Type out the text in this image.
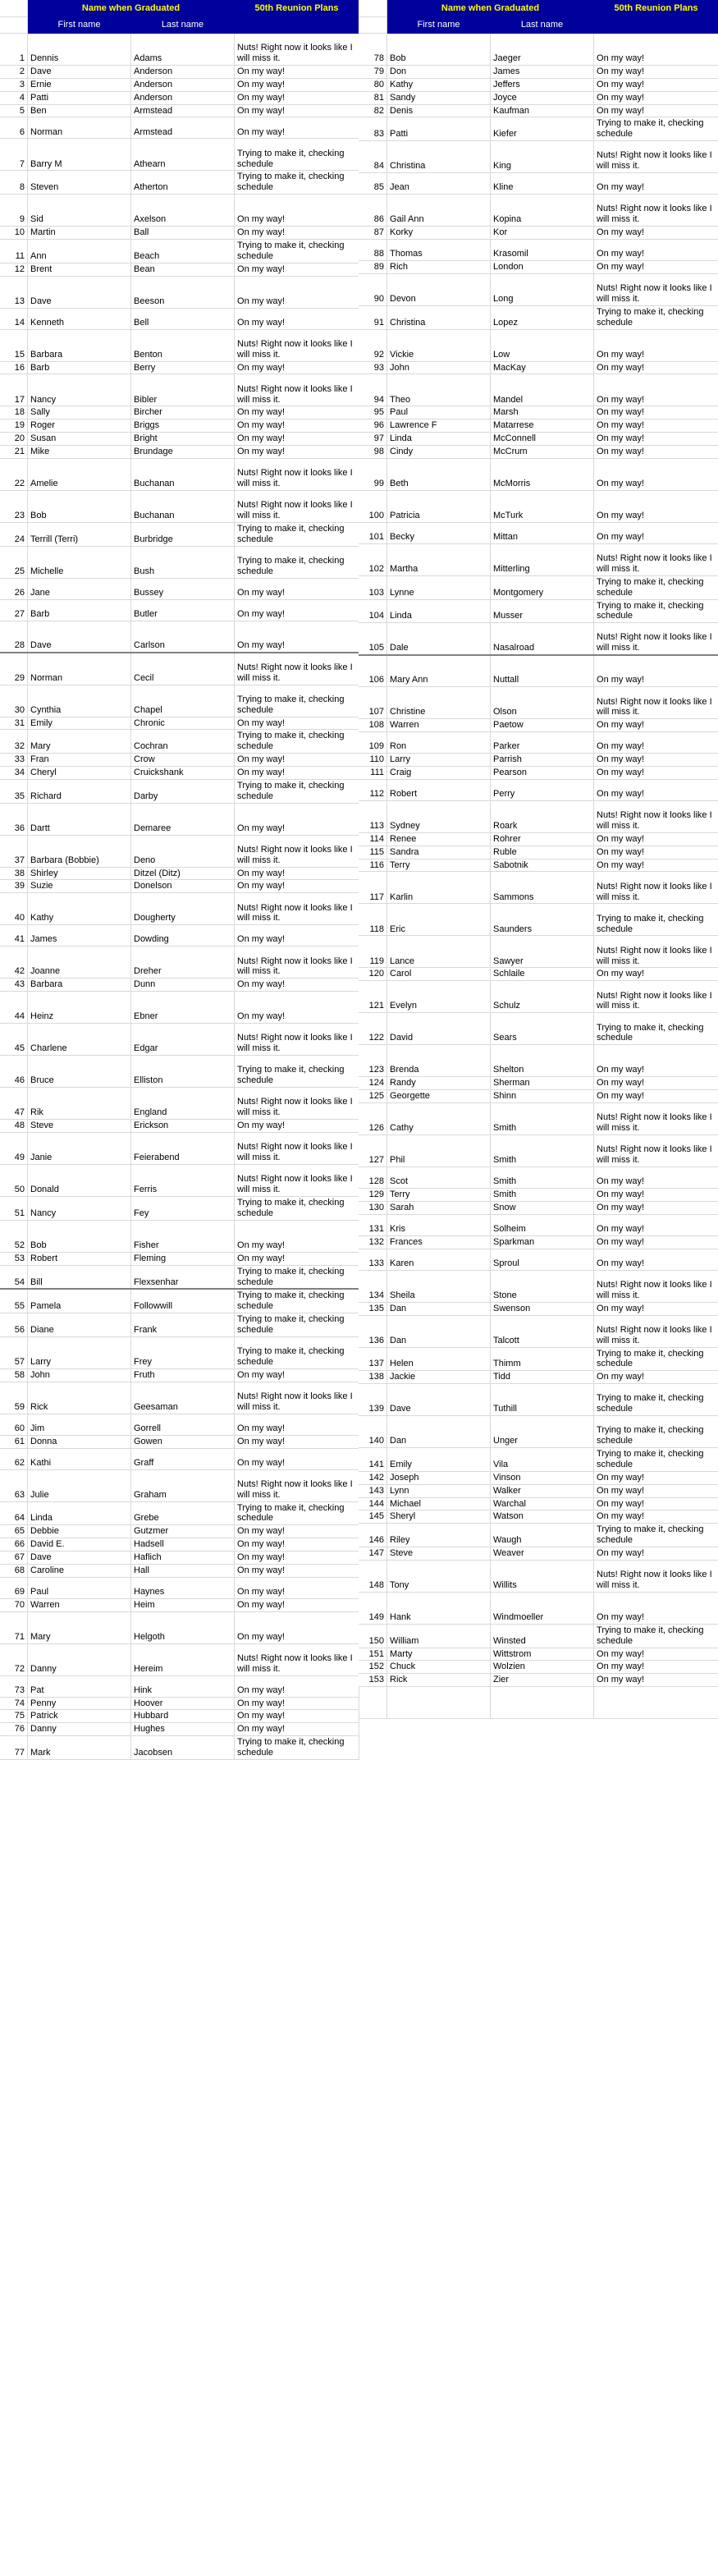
	Name when Graduated		50th Reunion Plans
	First name	Last name	
1	Dennis	Adams	Nuts! Right now it looks like I will miss it.
2	Dave	Anderson	On my way!
3	Ernie	Anderson	On my way!
4	Patti	Anderson	On my way!
5	Ben	Armstead	On my way!
6	Norman	Armstead	On my way!
7	Barry M	Athearn	Trying to make it, checking schedule
8	Steven	Atherton	Trying to make it, checking schedule
9	Sid	Axelson	On my way!
10	Martin	Ball	On my way!
11	Ann	Beach	Trying to make it, checking schedule
12	Brent	Bean	On my way!
13	Dave	Beeson	On my way!
14	Kenneth	Bell	On my way!
15	Barbara	Benton	Nuts! Right now it looks like I will miss it.
16	Barb	Berry	On my way!
17	Nancy	Bibler	Nuts! Right now it looks like I will miss it.
18	Sally	Bircher	On my way!
19	Roger	Briggs	On my way!
20	Susan	Bright	On my way!
21	Mike	Brundage	On my way!
22	Amelie	Buchanan	Nuts! Right now it looks like I will miss it.
23	Bob	Buchanan	Nuts! Right now it looks like I will miss it.
24	Terrill (Terri)	Burbridge	Trying to make it, checking schedule
25	Michelle	Bush	Trying to make it, checking schedule
26	Jane	Bussey	On my way!
27	Barb	Butler	On my way!
28	Dave	Carlson	On my way!
29	Norman	Cecil	Nuts! Right now it looks like I will miss it.
30	Cynthia	Chapel	Trying to make it, checking schedule
31	Emily	Chronic	On my way!
32	Mary	Cochran	Trying to make it, checking schedule
33	Fran	Crow	On my way!
34	Cheryl	Cruickshank	On my way!
35	Richard	Darby	Trying to make it, checking schedule
36	Dartt	Demaree	On my way!
37	Barbara (Bobbie)	Deno	Nuts! Right now it looks like I will miss it.
38	Shirley	Ditzel (Ditz)	On my way!
39	Suzie	Donelson	On my way!
40	Kathy	Dougherty	Nuts! Right now it looks like I will miss it.
41	James	Dowding	On my way!
42	Joanne	Dreher	Nuts! Right now it looks like I will miss it.
43	Barbara	Dunn	On my way!
44	Heinz	Ebner	On my way!
45	Charlene	Edgar	Nuts! Right now it looks like I will miss it.
46	Bruce	Elliston	Trying to make it, checking schedule
47	Rik	England	Nuts! Right now it looks like I will miss it.
48	Steve	Erickson	On my way!
49	Janie	Feierabend	Nuts! Right now it looks like I will miss it.
50	Donald	Ferris	Nuts! Right now it looks like I will miss it.
51	Nancy	Fey	Trying to make it, checking schedule
52	Bob	Fisher	On my way!
53	Robert	Fleming	On my way!
54	Bill	Flexsenhar	Trying to make it, checking schedule
55	Pamela	Followwill	Trying to make it, checking schedule
56	Diane	Frank	Trying to make it, checking schedule
57	Larry	Frey	Trying to make it, checking schedule
58	John	Fruth	On my way!
59	Rick	Geesaman	Nuts! Right now it looks like I will miss it.
60	Jim	Gorrell	On my way!
61	Donna	Gowen	On my way!
62	Kathi	Graff	On my way!
63	Julie	Graham	Nuts! Right now it looks like I will miss it.
64	Linda	Grebe	Trying to make it, checking schedule
65	Debbie	Gutzmer	On my way!
66	David E.	Hadsell	On my way!
67	Dave	Haflich	On my way!
68	Caroline	Hall	On my way!
69	Paul	Haynes	On my way!
70	Warren	Heim	On my way!
71	Mary	Helgoth	On my way!
72	Danny	Hereim	Nuts! Right now it looks like I will miss it.
73	Pat	Hink	On my way!
74	Penny	Hoover	On my way!
75	Patrick	Hubbard	On my way!
76	Danny	Hughes	On my way!
77	Mark	Jacobsen	Trying to make it, checking schedule
	Name when Graduated		50th Reunion Plans
	First name	Last name	
78	Bob	Jaeger	On my way!
79	Don	James	On my way!
80	Kathy	Jeffers	On my way!
81	Sandy	Joyce	On my way!
82	Denis	Kaufman	On my way!
83	Patti	Kiefer	Trying to make it, checking schedule
84	Christina	King	Nuts! Right now it looks like I will miss it.
85	Jean	Kline	On my way!
86	Gail Ann	Kopina	Nuts! Right now it looks like I will miss it.
87	Korky	Kor	On my way!
88	Thomas	Krasomil	On my way!
89	Rich	London	On my way!
90	Devon	Long	Nuts! Right now it looks like I will miss it.
91	Christina	Lopez	Trying to make it, checking schedule
92	Vickie	Low	On my way!
93	John	MacKay	On my way!
94	Theo	Mandel	On my way!
95	Paul	Marsh	On my way!
96	Lawrence F	Matarrese	On my way!
97	Linda	McConnell	On my way!
98	Cindy	McCrum	On my way!
99	Beth	McMorris	On my way!
100	Patricia	McTurk	On my way!
101	Becky	Mittan	On my way!
102	Martha	Mitterling	Nuts! Right now it looks like I will miss it.
103	Lynne	Montgomery	Trying to make it, checking schedule
104	Linda	Musser	Trying to make it, checking schedule
105	Dale	Nasalroad	Nuts! Right now it looks like I will miss it.
106	Mary Ann	Nuttall	On my way!
107	Christine	Olson	Nuts! Right now it looks like I will miss it.
108	Warren	Paetow	On my way!
109	Ron	Parker	On my way!
110	Larry	Parrish	On my way!
111	Craig	Pearson	On my way!
112	Robert	Perry	On my way!
113	Sydney	Roark	Nuts! Right now it looks like I will miss it.
114	Renee	Rohrer	On my way!
115	Sandra	Ruble	On my way!
116	Terry	Sabotnik	On my way!
117	Karlin	Sammons	Nuts! Right now it looks like I will miss it.
118	Eric	Saunders	Trying to make it, checking schedule
119	Lance	Sawyer	Nuts! Right now it looks like I will miss it.
120	Carol	Schlaile	On my way!
121	Evelyn	Schulz	Nuts! Right now it looks like I will miss it.
122	David	Sears	Trying to make it, checking schedule
123	Brenda	Shelton	On my way!
124	Randy	Sherman	On my way!
125	Georgette	Shinn	On my way!
126	Cathy	Smith	Nuts! Right now it looks like I will miss it.
127	Phil	Smith	Nuts! Right now it looks like I will miss it.
128	Scot	Smith	On my way!
129	Terry	Smith	On my way!
130	Sarah	Snow	On my way!
131	Kris	Solheim	On my way!
132	Frances	Sparkman	On my way!
133	Karen	Sproul	On my way!
134	Sheila	Stone	Nuts! Right now it looks like I will miss it.
135	Dan	Swenson	On my way!
136	Dan	Talcott	Nuts! Right now it looks like I will miss it.
137	Helen	Thimm	Trying to make it, checking schedule
138	Jackie	Tidd	On my way!
139	Dave	Tuthill	Trying to make it, checking schedule
140	Dan	Unger	Trying to make it, checking schedule
141	Emily	Vila	Trying to make it, checking schedule
142	Joseph	Vinson	On my way!
143	Lynn	Walker	On my way!
144	Michael	Warchal	On my way!
145	Sheryl	Watson	On my way!
146	Riley	Waugh	Trying to make it, checking schedule
147	Steve	Weaver	On my way!
148	Tony	Willits	Nuts! Right now it looks like I will miss it.
149	Hank	Windmoeller	On my way!
150	William	Winsted	Trying to make it, checking schedule
151	Marty	Wittstrom	On my way!
152	Chuck	Wolzien	On my way!
153	Rick	Zier	On my way!
